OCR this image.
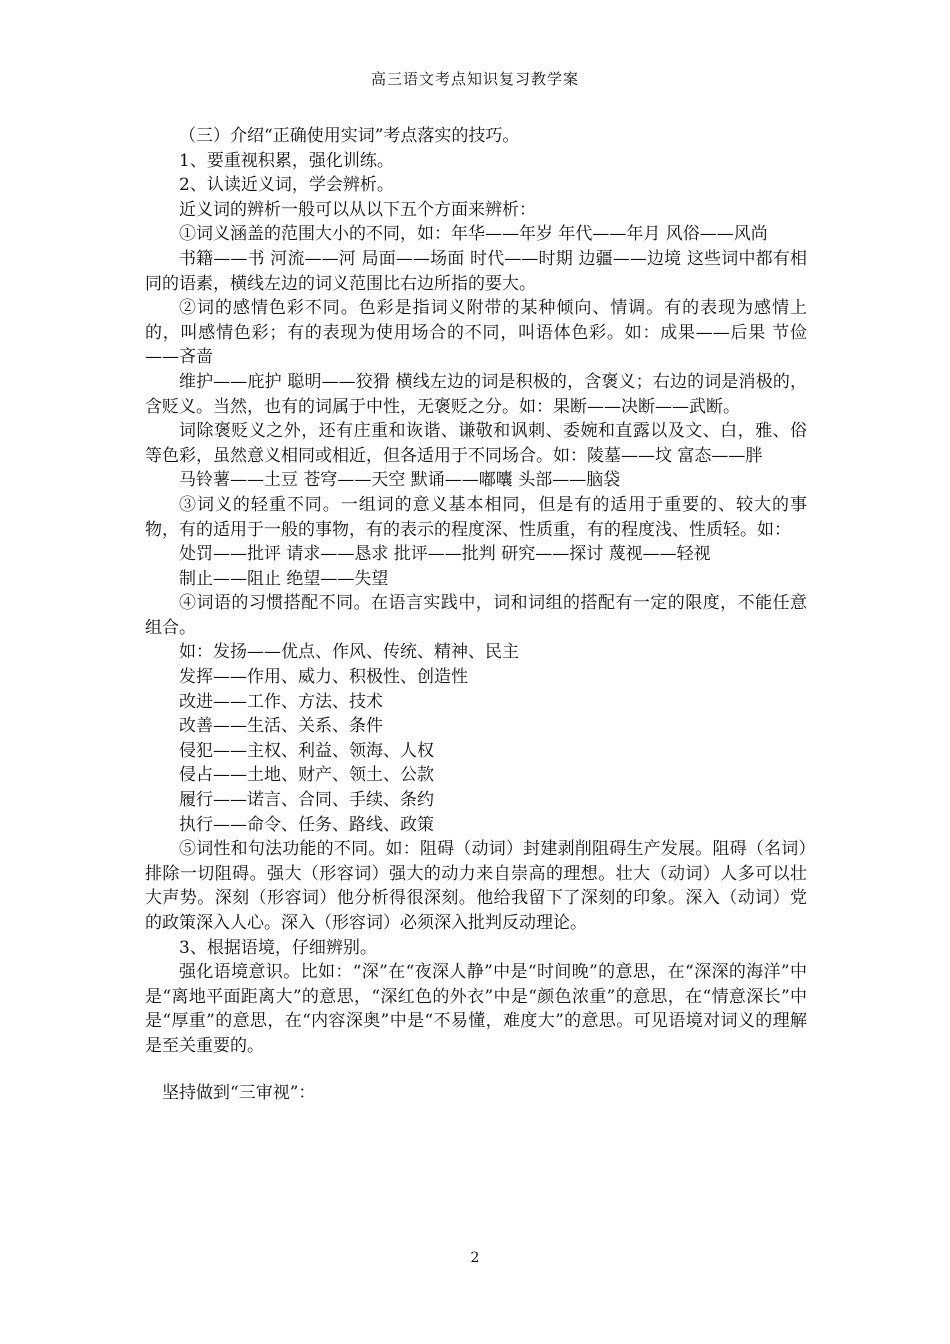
高三语文考点知识复习教学案

（三）介绍“正确使用实词”考点落实的技巧。

1、要重视积累，强化训练。

2、认读近义词，学会辨析。

近义词的辨析一般可以从以下五个方面来辨析：

①词义涵盖的范围大小的不同，如：年华——年岁 年代——年月 风俗——风尚

书籍——书 河流——河 局面——场面 时代——时期 边疆——边境 这些词中都有相同的语素，横线左边的词义范围比右边所指的要大。

②词的感情色彩不同。色彩是指词义附带的某种倾向、情调。有的表现为感情上的，叫感情色彩；有的表现为使用场合的不同，叫语体色彩。如：成果——后果 节俭——吝啬

维护——庇护 聪明——狡猾 横线左边的词是积极的，含褒义；右边的词是消极的，含贬义。当然，也有的词属于中性，无褒贬之分。如：果断——决断——武断。

词除褒贬义之外，还有庄重和诙谐、谦敬和讽刺、委婉和直露以及文、白，雅、俗等色彩，虽然意义相同或相近，但各适用于不同场合。如：陵墓——坟 富态——胖

马铃薯——土豆 苍穹——天空 默诵——嘟囔 头部——脑袋

③词义的轻重不同。一组词的意义基本相同，但是有的适用于重要的、较大的事物，有的适用于一般的事物，有的表示的程度深、性质重，有的程度浅、性质轻。如：

处罚——批评 请求——恳求 批评——批判 研究——探讨 蔑视——轻视

制止——阻止 绝望——失望

④词语的习惯搭配不同。在语言实践中，词和词组的搭配有一定的限度，不能任意组合。

如：发扬——优点、作风、传统、精神、民主

发挥——作用、威力、积极性、创造性

改进——工作、方法、技术

改善——生活、关系、条件

侵犯——主权、利益、领海、人权

侵占——土地、财产、领土、公款

履行——诺言、合同、手续、条约

执行——命令、任务、路线、政策

⑤词性和句法功能的不同。如：阻碍（动词）封建剥削阻碍生产发展。阻碍（名词）排除一切阻碍。强大（形容词）强大的动力来自崇高的理想。壮大（动词）人多可以壮大声势。深刻（形容词）他分析得很深刻。他给我留下了深刻的印象。深入（动词）党的政策深入人心。深入（形容词）必须深入批判反动理论。

3、根据语境，仔细辨别。

强化语境意识。比如：“深”在“夜深人静”中是“时间晚”的意思，在“深深的海洋”中是“离地平面距离大”的意思，“深红色的外衣”中是“颜色浓重”的意思，在“情意深长”中是“厚重”的意思，在“内容深奥”中是“不易懂，难度大”的意思。可见语境对词义的理解是至关重要的。

坚持做到“三审视”：

2
